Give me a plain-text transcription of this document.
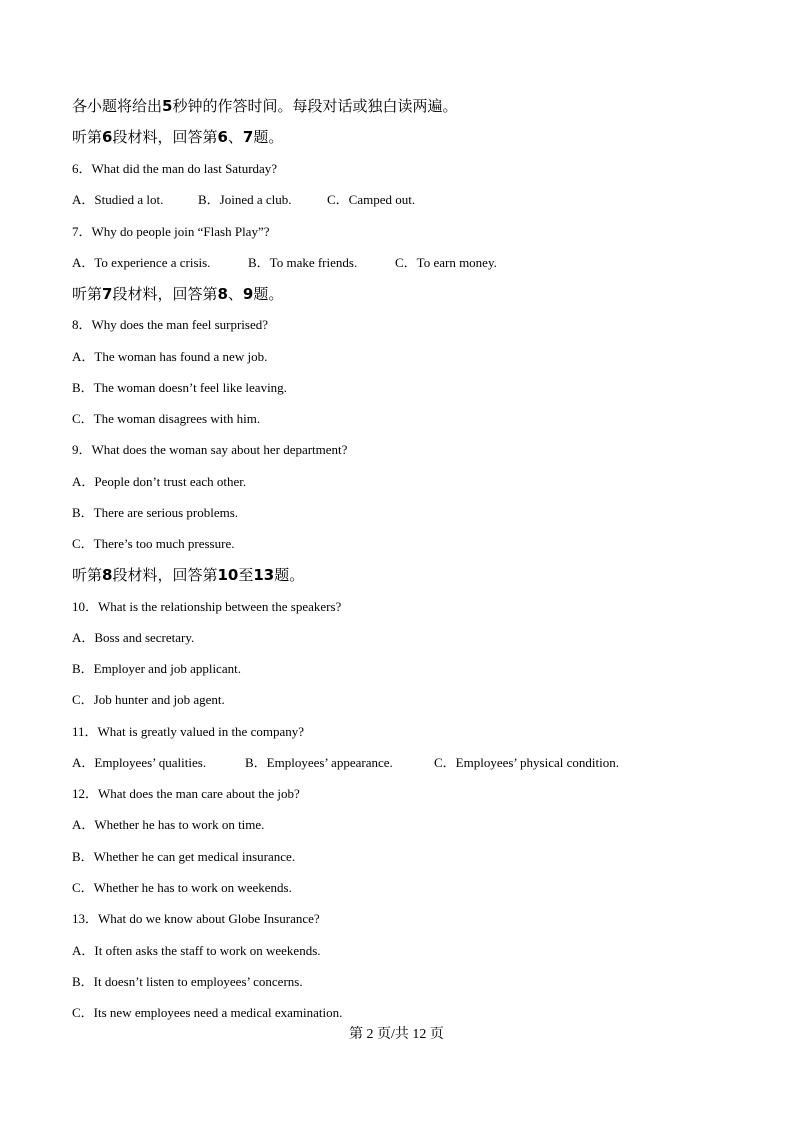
各小题将给出5秒钟的作答时间。每段对话或独白读两遍。
听第6段材料，回答第6、7题。
6．What did the man do last Saturday?
A．Studied a lot.	B．Joined a club.	C．Camped out.
7．Why do people join “Flash Play”?
A．To experience a crisis.	B．To make friends.	C．To earn money.
听第7段材料，回答第8、9题。
8．Why does the man feel surprised?
A．The woman has found a new job.
B．The woman doesn’t feel like leaving.
C．The woman disagrees with him.
9．What does the woman say about her department?
A．People don’t trust each other.
B．There are serious problems.
C．There’s too much pressure.
听第8段材料，回答第10至13题。
10．What is the relationship between the speakers?
A．Boss and secretary.
B．Employer and job applicant.
C．Job hunter and job agent.
11．What is greatly valued in the company?
A．Employees’ qualities.	B．Employees’ appearance.	C．Employees’ physical condition.
12．What does the man care about the job?
A．Whether he has to work on time.
B．Whether he can get medical insurance.
C．Whether he has to work on weekends.
13．What do we know about Globe Insurance?
A．It often asks the staff to work on weekends.
B．It doesn’t listen to employees’ concerns.
C．Its new employees need a medical examination.
第 2 页/共 12 页
